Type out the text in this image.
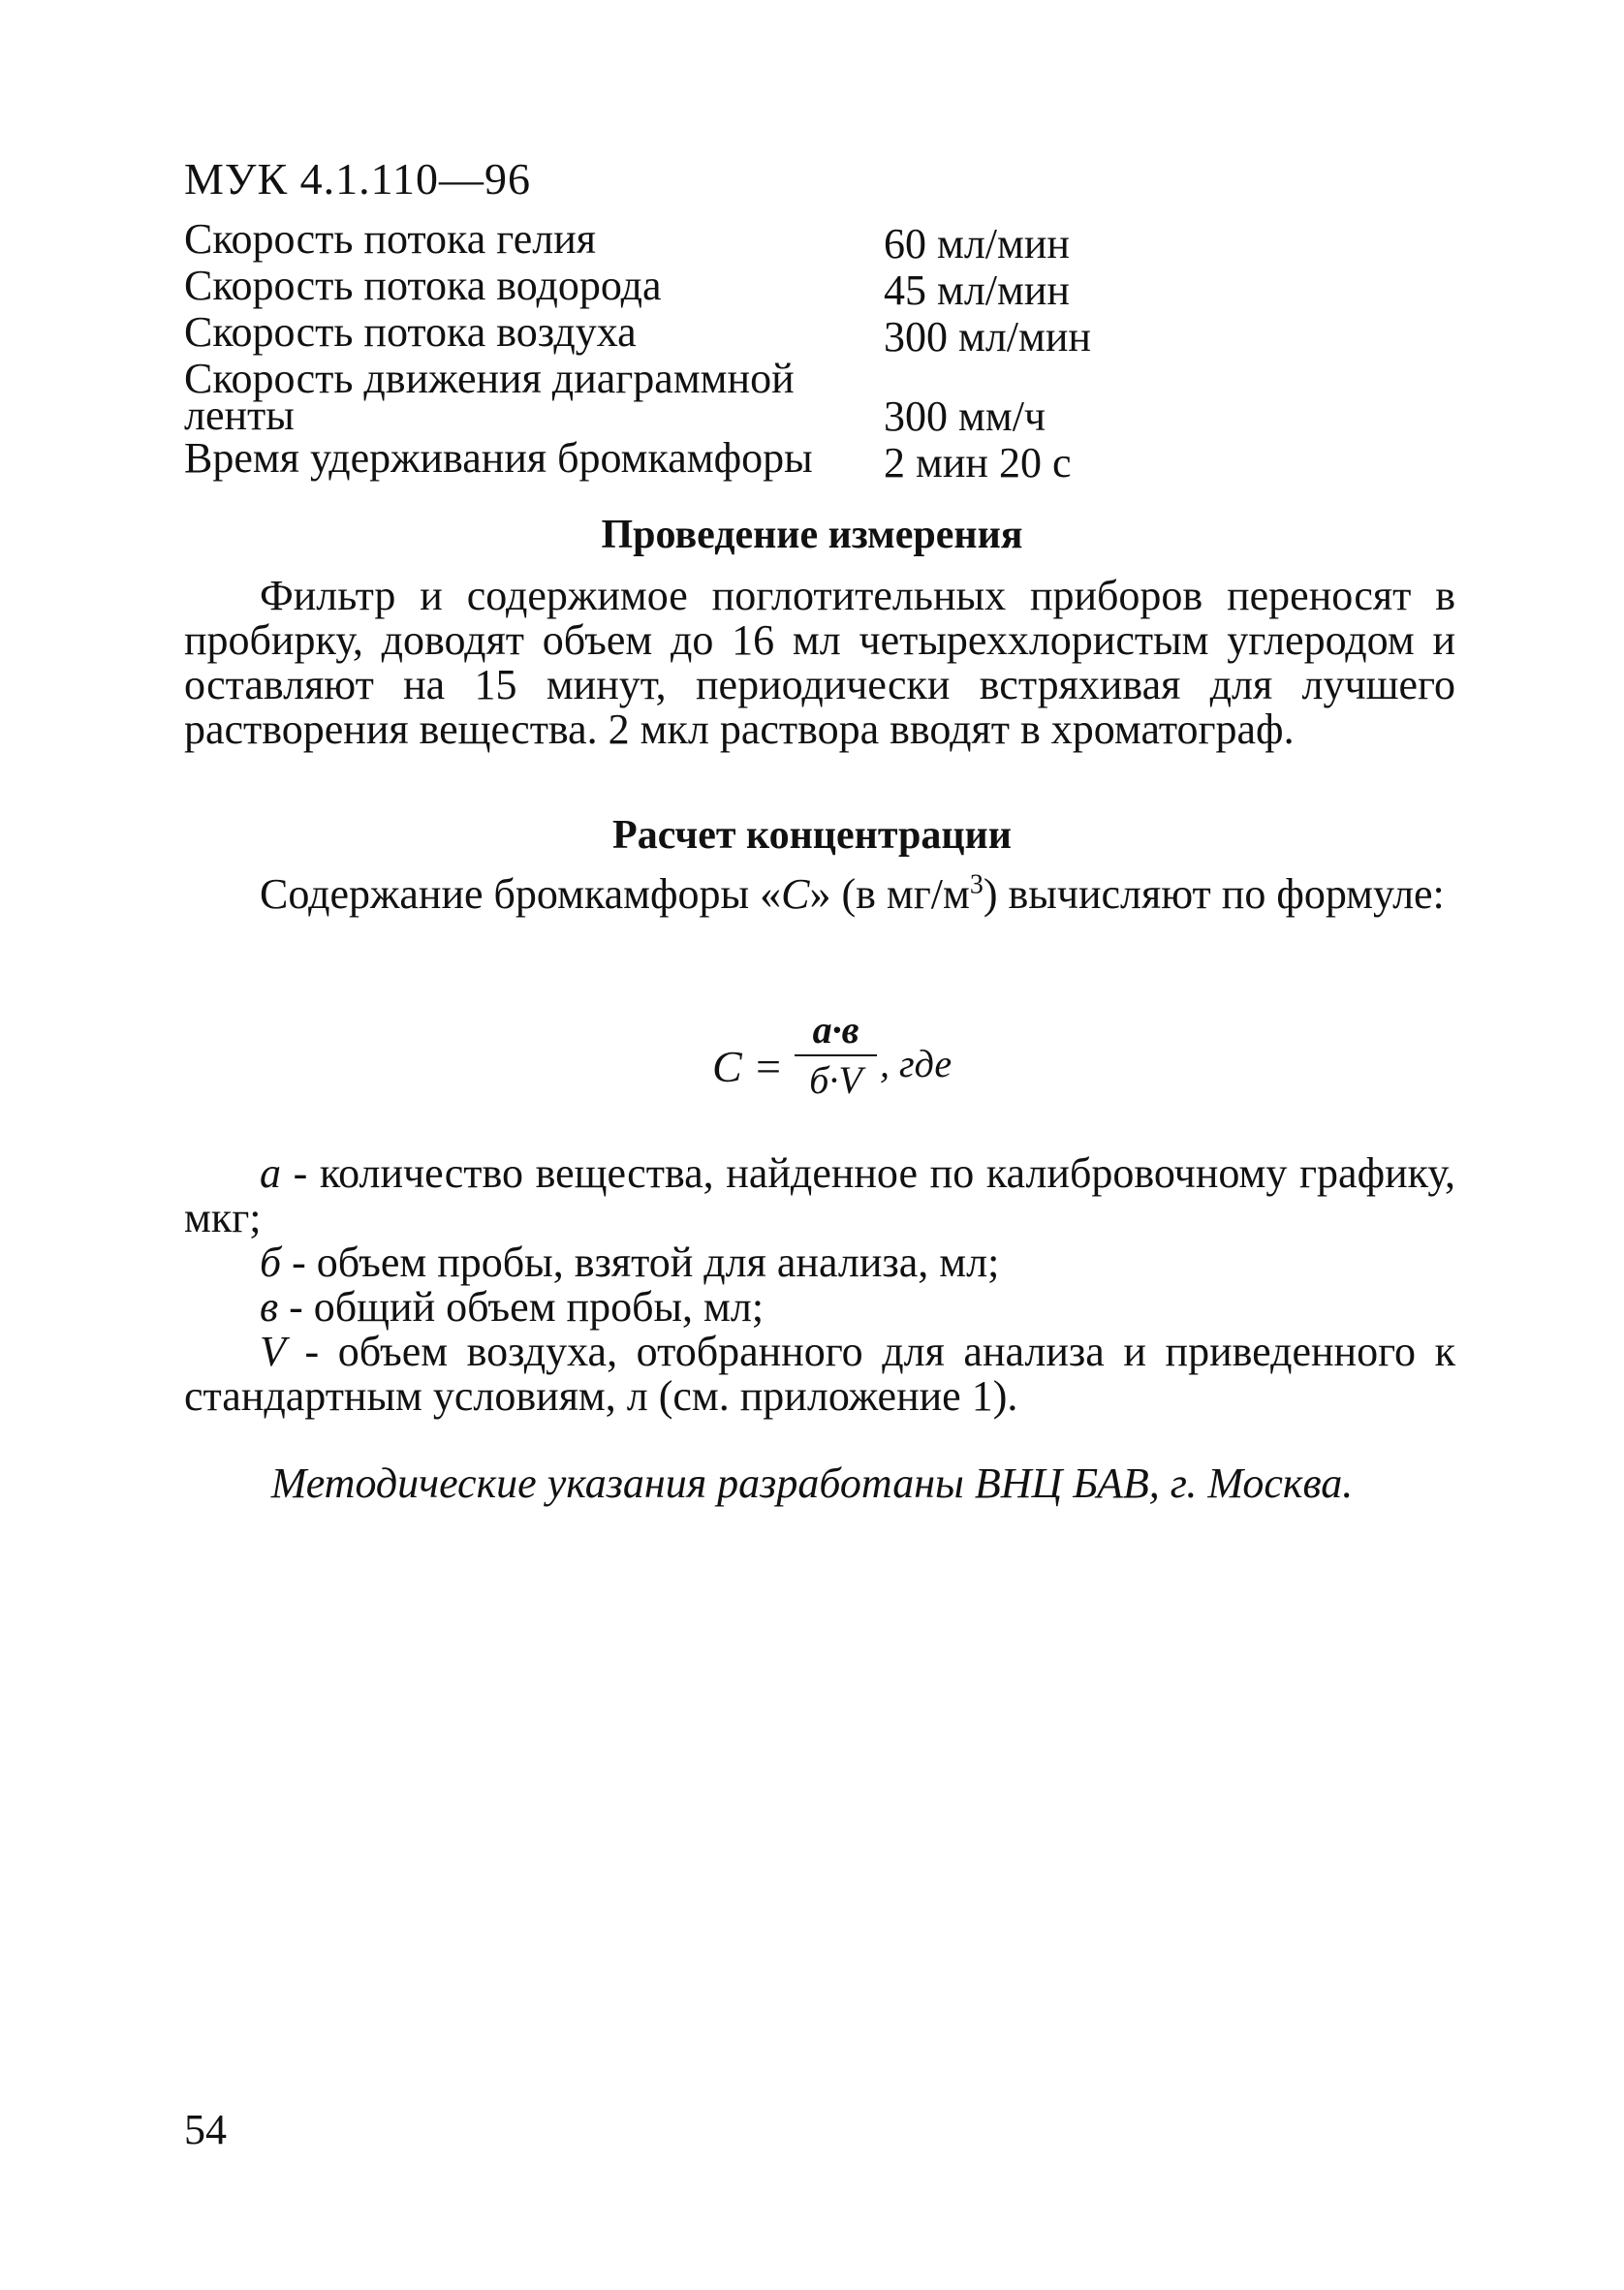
МУК 4.1.110—96
Скорость потока гелия	60 мл/мин
Скорость потока водорода	45 мл/мин
Скорость потока воздуха	300 мл/мин
Скорость движения диаграммной ленты	300 мм/ч
Время удерживания бромкамфоры	2 мин 20 с
Проведение измерения

Фильтр и содержимое поглотительных приборов переносят в пробирку, доводят объем до 16 мл четыреххлористым углеродом и оставляют на 15 минут, периодически встряхивая для лучшего растворения вещества. 2 мкл раствора вводят в хроматограф.

Расчет концентрации

Содержание бромкамфоры «С» (в $мг/м^3$) вычисляют по формуле:

С =
а·в
б·V , где

а - количество вещества, найденное по калибровочному графику, мкг;

б - объем пробы, взятой для анализа, мл;

в - общий объем пробы, мл;

V - объем воздуха, отобранного для анализа и приведенного к стандартным условиям, л (см. приложение 1).

Методические указания разработаны ВНЦ БАВ, г. Москва.
54
